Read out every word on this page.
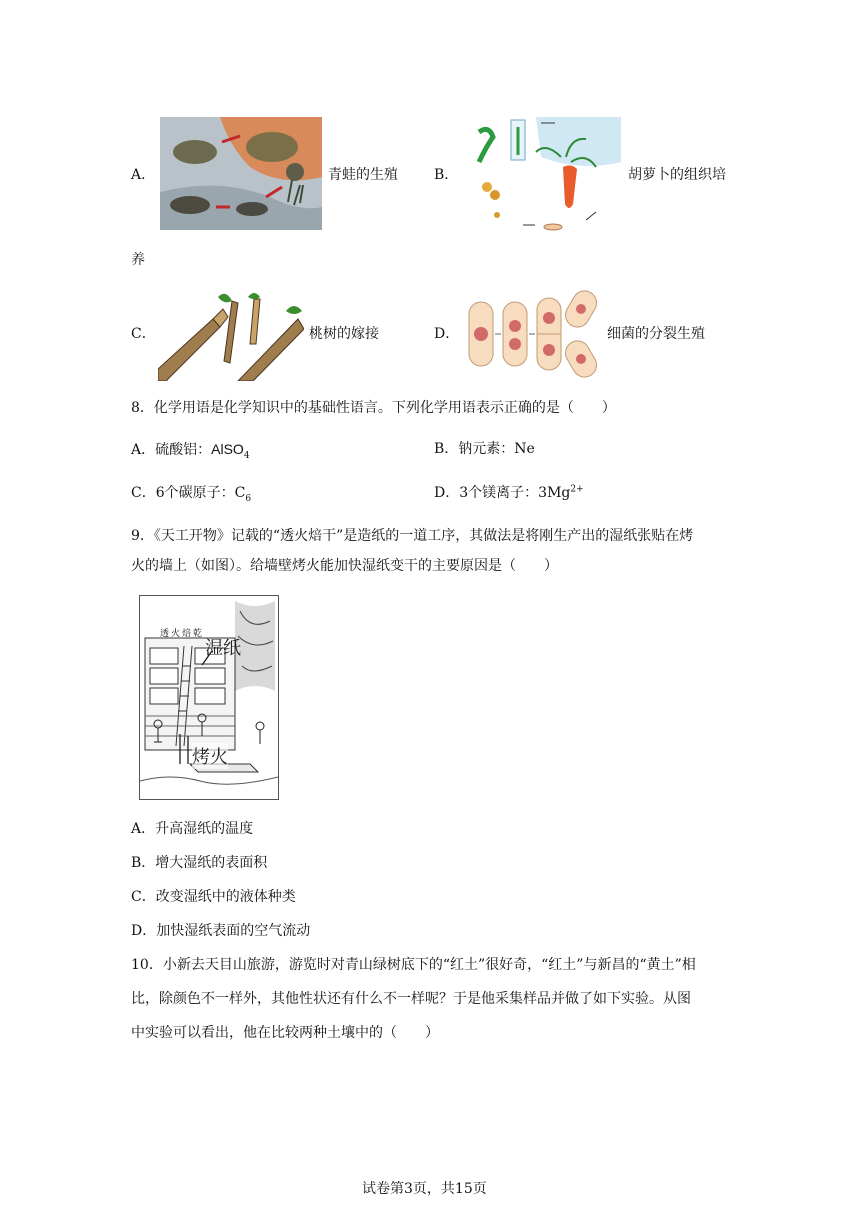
A．	青蛙的生殖	B．	胡萝卜的组织培
养
C．	桃树的嫁接	D．	细菌的分裂生殖
8．化学用语是化学知识中的基础性语言。下列化学用语表示正确的是（　　）
A．硫酸铝：AlSO$_4$	B．钠元素：Ne
C．6个碳原子：$C_6$	D．3个镁离子：$3Mg^{2+}$
9．《天工开物》记载的“透火焙干”是造纸的一道工序，其做法是将刚生产出的湿纸张贴在烤
火的墙上（如图）。给墙壁烤火能加快湿纸变干的主要原因是（　　）
透火焙乾
湿纸
烤火
A．升高湿纸的温度
B．增大湿纸的表面积
C．改变湿纸中的液体种类
D．加快湿纸表面的空气流动
10．小新去天目山旅游，游览时对青山绿树底下的“红土”很好奇，“红土”与新昌的“黄土”相
比，除颜色不一样外，其他性状还有什么不一样呢？于是他采集样品并做了如下实验。从图
中实验可以看出，他在比较两种土壤中的（　　）
试卷第3页，共15页
